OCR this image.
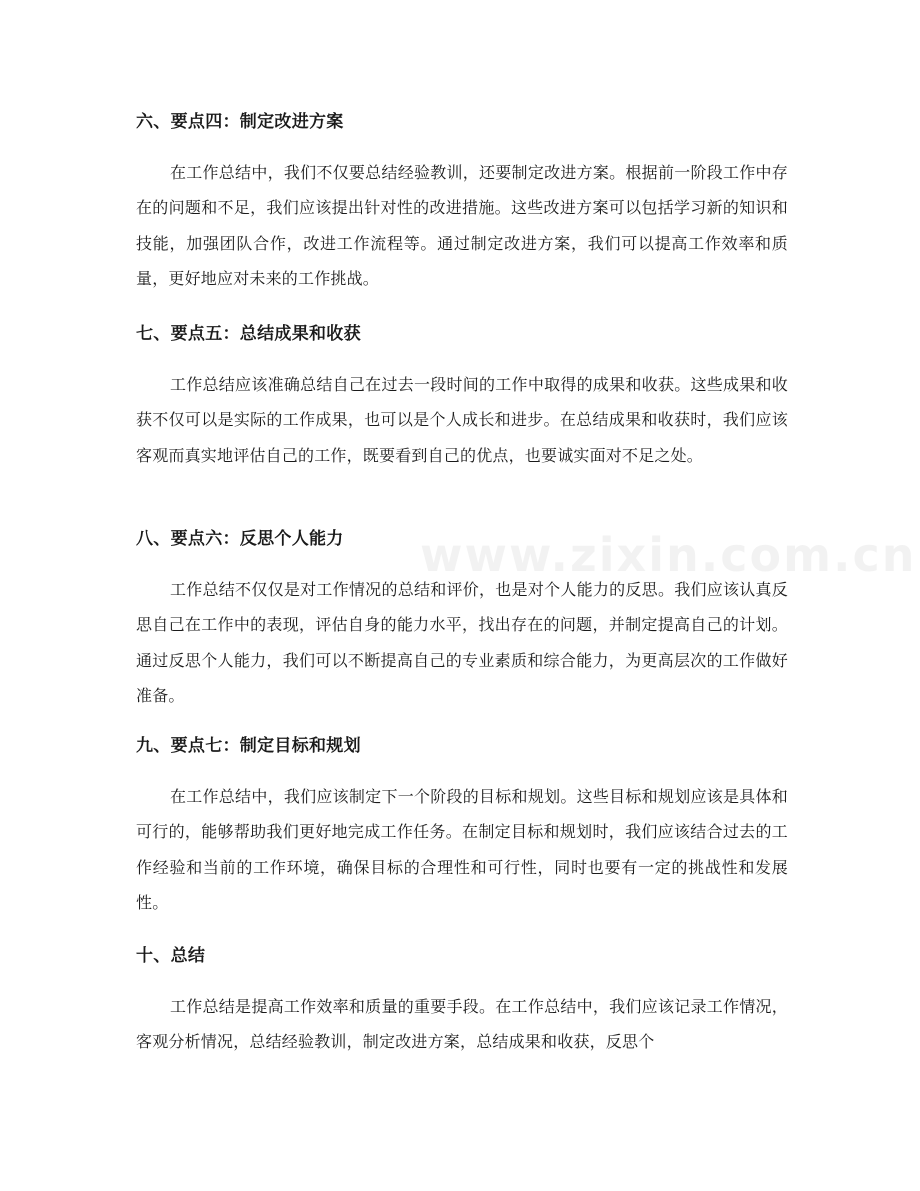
www.zixin.com.cn
六、要点四：制定改进方案

在工作总结中，我们不仅要总结经验教训，还要制定改进方案。根据前一阶段工作中存在的问题和不足，我们应该提出针对性的改进措施。这些改进方案可以包括学习新的知识和技能，加强团队合作，改进工作流程等。通过制定改进方案，我们可以提高工作效率和质量，更好地应对未来的工作挑战。

七、要点五：总结成果和收获

工作总结应该准确总结自己在过去一段时间的工作中取得的成果和收获。这些成果和收获不仅可以是实际的工作成果，也可以是个人成长和进步。在总结成果和收获时，我们应该客观而真实地评估自己的工作，既要看到自己的优点，也要诚实面对不足之处。

八、要点六：反思个人能力

工作总结不仅仅是对工作情况的总结和评价，也是对个人能力的反思。我们应该认真反思自己在工作中的表现，评估自身的能力水平，找出存在的问题，并制定提高自己的计划。通过反思个人能力，我们可以不断提高自己的专业素质和综合能力，为更高层次的工作做好准备。

九、要点七：制定目标和规划

在工作总结中，我们应该制定下一个阶段的目标和规划。这些目标和规划应该是具体和可行的，能够帮助我们更好地完成工作任务。在制定目标和规划时，我们应该结合过去的工作经验和当前的工作环境，确保目标的合理性和可行性，同时也要有一定的挑战性和发展性。

十、总结

工作总结是提高工作效率和质量的重要手段。在工作总结中，我们应该记录工作情况，客观分析情况，总结经验教训，制定改进方案，总结成果和收获，反思个
